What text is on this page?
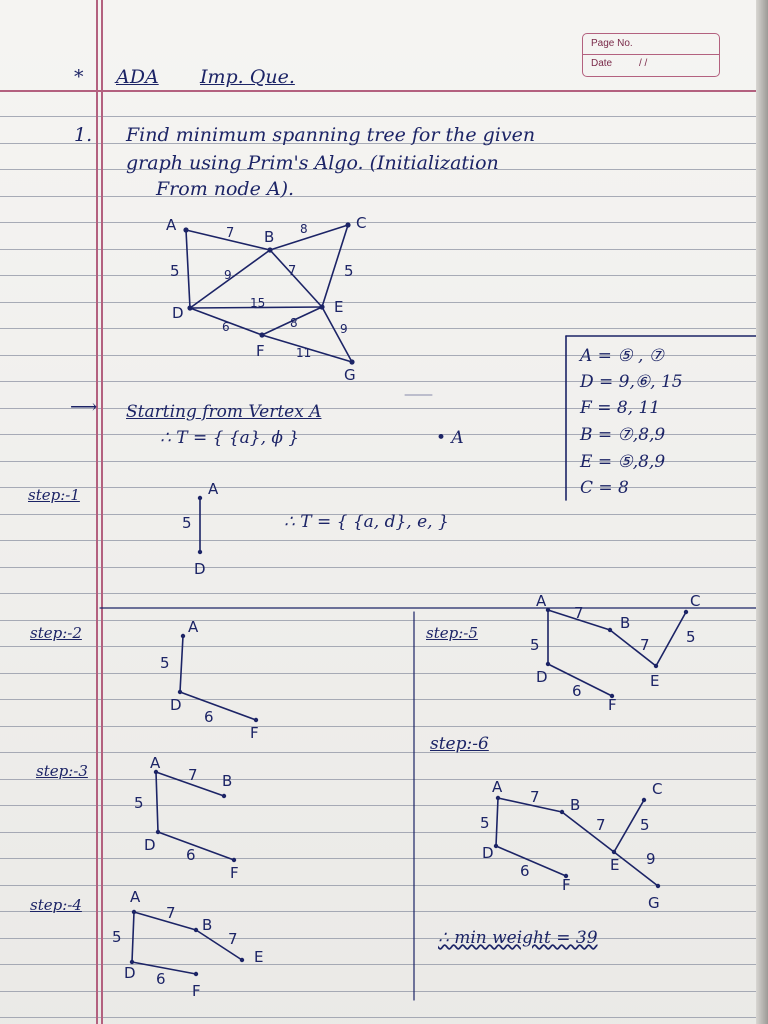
Page No.
Date	/ /
* ADA Imp. Que.
1. Find minimum spanning tree for the given
graph using Prim's Algo. (Initialization
From node A).
A = ⑤ , ⑦
D = 9,⑥, 15
F = 8, 11
B = ⑦,8,9
E = ⑤,8,9
C = 8
⟶ Starting from Vertex A
∴ T = { {a}, ϕ }	• A
step:-1
∴ T = { {a, d}, e, }
step:-2
step:-3
step:-4
step:-5
step:-6
∴ min weight = 39
A
B
C
D	E
F
G
7	8
5	9	7	5
15
6	8	9
11
A
D
5
A
D
F
5
6
A
B
D
F
5
7
6
A
B
E
D
F
5
7
7
6
A
B
C
D	E
F
7
5	7 5
6
A
B
C
D
E
F
G
7
5	7 5
6
9
